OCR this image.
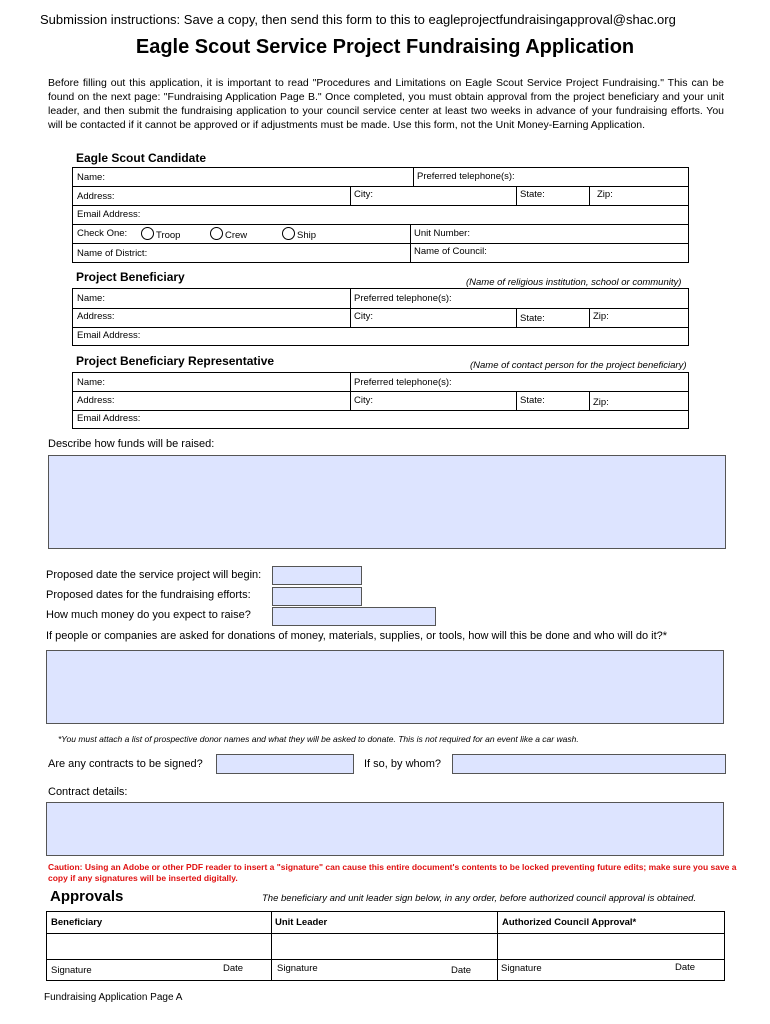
Submission instructions: Save a copy, then send this form to this to eagleprojectfundraisingapproval@shac.org
Eagle Scout Service Project Fundraising Application
Before filling out this application, it is important to read "Procedures and Limitations on Eagle Scout Service Project Fundraising." This can be found on the next page: "Fundraising Application Page B." Once completed, you must obtain approval from the project beneficiary and your unit leader, and then submit the fundraising application to your council service center at least two weeks in advance of your fundraising efforts. You will be contacted if it cannot be approved or if adjustments must be made. Use this form, not the Unit Money-Earning Application.
Eagle Scout Candidate
Name:	Preferred telephone(s):
Address:	City:	State:	Zip:
Email Address:
Check One:	Troop	Crew	Ship	Unit Number:
Name of District:	Name of Council:
Project Beneficiary	(Name of religious institution, school or community)
Name:	Preferred telephone(s):
Address:	City:	State:	Zip:
Email Address:
Project Beneficiary Representative	(Name of contact person for the project beneficiary)
Name:	Preferred telephone(s):
Address:	City:	State:	Zip:
Email Address:
Describe how funds will be raised:
Proposed date the service project will begin:
Proposed dates for the fundraising efforts:
How much money do you expect to raise?
If people or companies are asked for donations of money, materials, supplies, or tools, how will this be done and who will do it?*
*You must attach a list of prospective donor names and what they will be asked to donate. This is not required for an event like a car wash.
Are any contracts to be signed?	If so, by whom?
Contract details:
Caution: Using an Adobe or other PDF reader to insert a "signature" can cause this entire document's contents to be locked preventing future edits; make sure you save a copy if any signatures will be inserted digitally.
Approvals	The beneficiary and unit leader sign below, in any order, before authorized council approval is obtained.
Beneficiary	Unit Leader	Authorized Council Approval*
Signature	Date	Signature	Date	Signature	Date
Fundraising Application Page A
